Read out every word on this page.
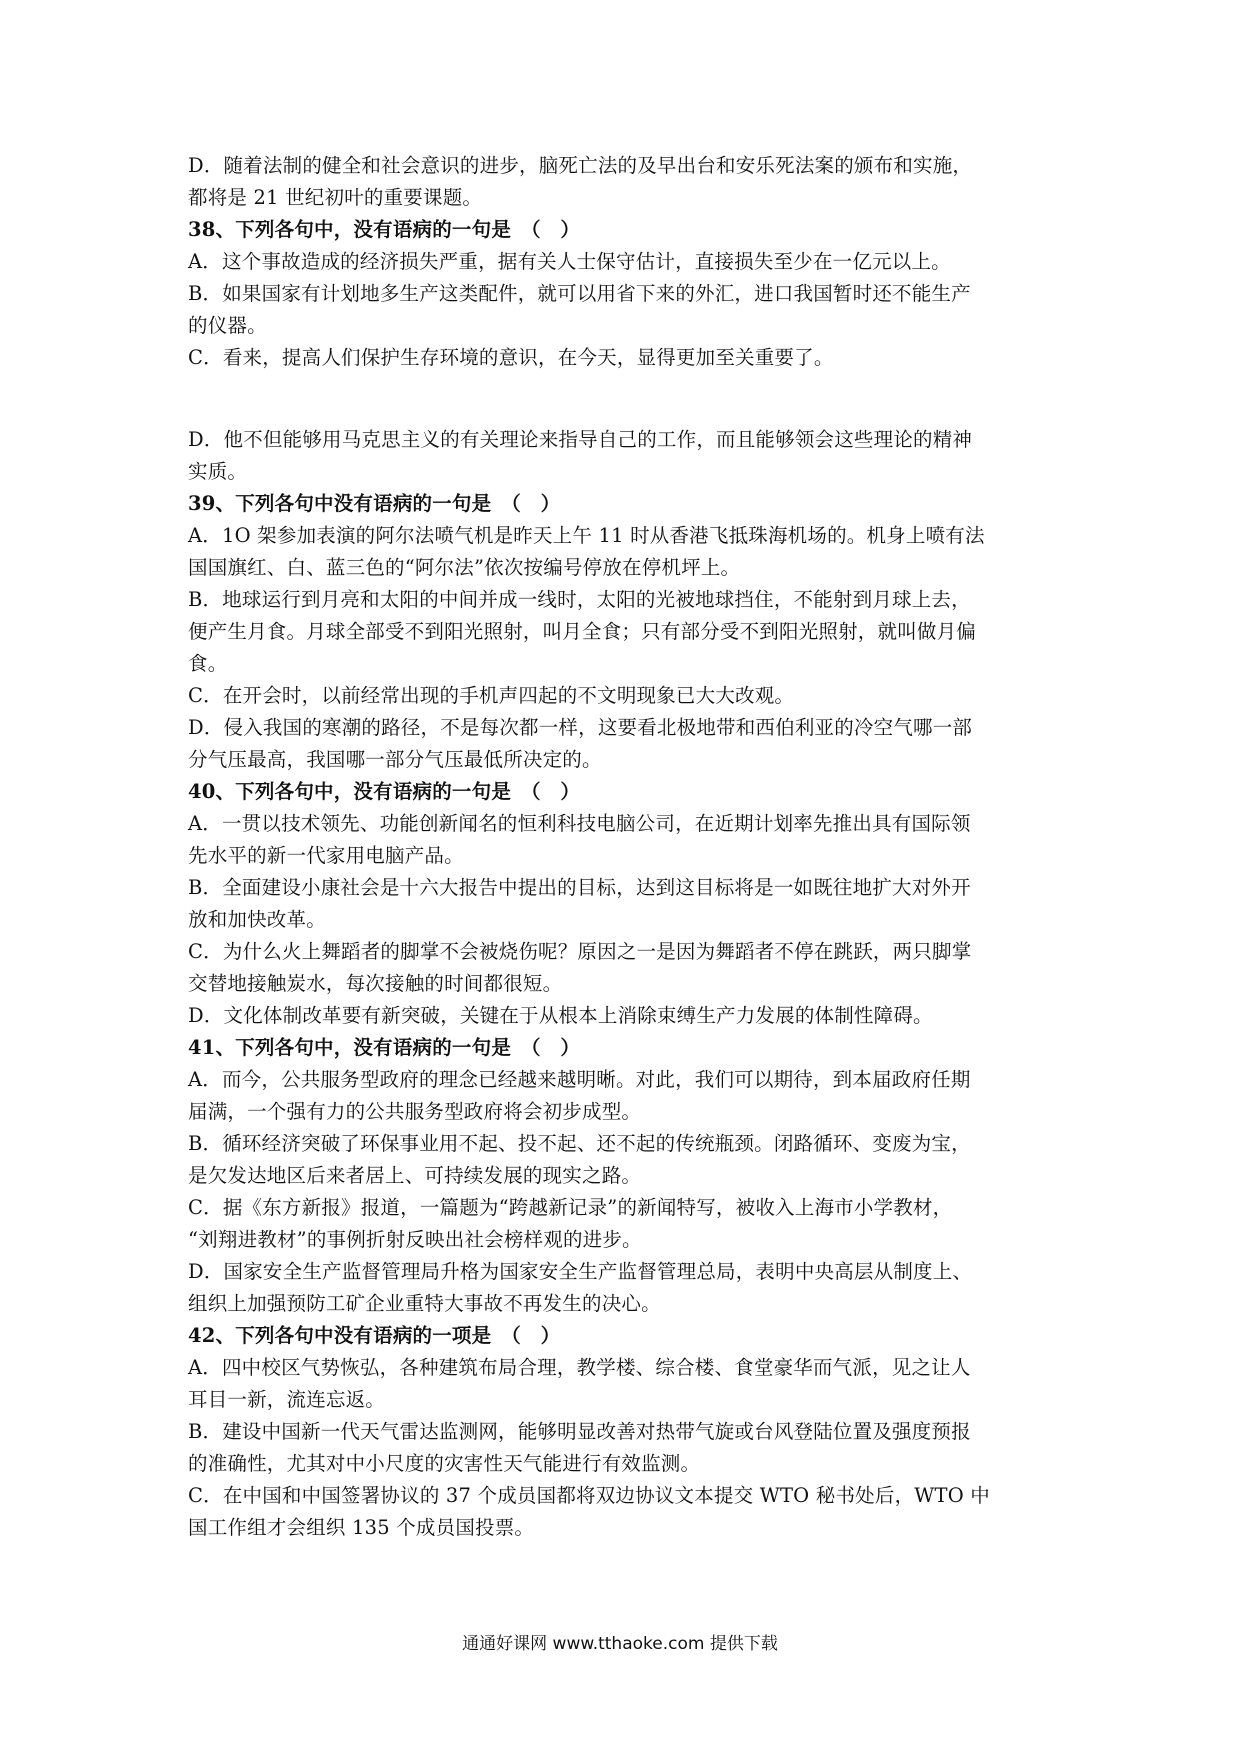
D．随着法制的健全和社会意识的进步，脑死亡法的及早出台和安乐死法案的颁布和实施，
都将是 21 世纪初叶的重要课题。
38、下列各句中，没有语病的一句是　（　）
A．这个事故造成的经济损失严重，据有关人士保守估计，直接损失至少在一亿元以上。
B．如果国家有计划地多生产这类配件，就可以用省下来的外汇，进口我国暂时还不能生产
的仪器。
C．看来，提高人们保护生存环境的意识，在今天，显得更加至关重要了。
D．他不但能够用马克思主义的有关理论来指导自己的工作，而且能够领会这些理论的精神
实质。
39、下列各句中没有语病的一句是　（　）
A．1O 架参加表演的阿尔法喷气机是昨天上午 11 时从香港飞抵珠海机场的。机身上喷有法
国国旗红、白、蓝三色的“阿尔法”依次按编号停放在停机坪上。
B．地球运行到月亮和太阳的中间并成一线时，太阳的光被地球挡住，不能射到月球上去，
便产生月食。月球全部受不到阳光照射，叫月全食；只有部分受不到阳光照射，就叫做月偏
食。
C．在开会时，以前经常出现的手机声四起的不文明现象已大大改观。
D．侵入我国的寒潮的路径，不是每次都一样，这要看北极地带和西伯利亚的冷空气哪一部
分气压最高，我国哪一部分气压最低所决定的。
40、下列各句中，没有语病的一句是　（　）
A．一贯以技术领先、功能创新闻名的恒利科技电脑公司，在近期计划率先推出具有国际领
先水平的新一代家用电脑产品。
B．全面建设小康社会是十六大报告中提出的目标，达到这目标将是一如既往地扩大对外开
放和加快改革。
C．为什么火上舞蹈者的脚掌不会被烧伤呢？原因之一是因为舞蹈者不停在跳跃，两只脚掌
交替地接触炭水，每次接触的时间都很短。
D．文化体制改革要有新突破，关键在于从根本上消除束缚生产力发展的体制性障碍。
41、下列各句中，没有语病的一句是　（　）
A．而今，公共服务型政府的理念已经越来越明晰。对此，我们可以期待，到本届政府任期
届满，一个强有力的公共服务型政府将会初步成型。
B．循环经济突破了环保事业用不起、投不起、还不起的传统瓶颈。闭路循环、变废为宝，
是欠发达地区后来者居上、可持续发展的现实之路。
C．据《东方新报》报道，一篇题为“跨越新记录”的新闻特写，被收入上海市小学教材，
“刘翔进教材”的事例折射反映出社会榜样观的进步。
D．国家安全生产监督管理局升格为国家安全生产监督管理总局，表明中央高层从制度上、
组织上加强预防工矿企业重特大事故不再发生的决心。
42、下列各句中没有语病的一项是　（　）
A．四中校区气势恢弘，各种建筑布局合理，教学楼、综合楼、食堂豪华而气派，见之让人
耳目一新，流连忘返。
B．建设中国新一代天气雷达监测网，能够明显改善对热带气旋或台风登陆位置及强度预报
的准确性，尤其对中小尺度的灾害性天气能进行有效监测。
C．在中国和中国签署协议的 37 个成员国都将双边协议文本提交 WTO 秘书处后，WTO 中
国工作组才会组织 135 个成员国投票。
通通好课网 www.tthaoke.com 提供下载
